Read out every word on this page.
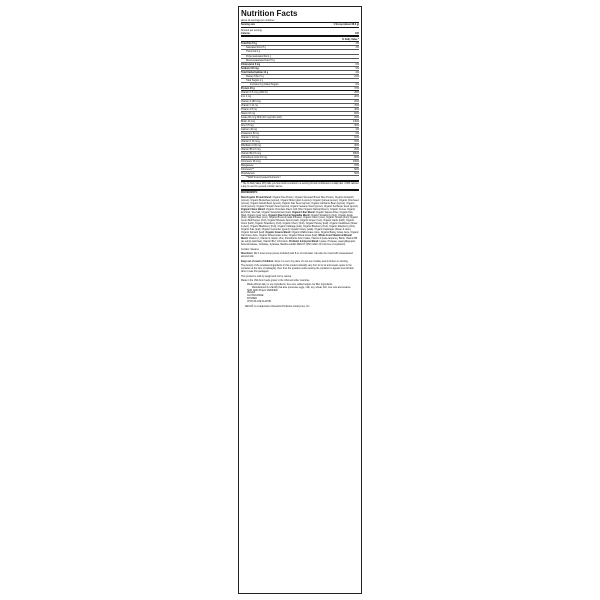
Nutrition Facts
about 14 servings per container
Serving size	1 Scoop (about 38.6 g)
Amount per serving
Calories	160
% Daily Value *
Total Fat 2.5 g	3%
Saturated Fat 0.5 g	3%
Trans Fat 0 g
Polyunsaturated Fat 1 g
Monounsaturated Fat 0.5 g
Cholesterol 0 mg	0%
Sodium 210 mg	9%
Total Carbohydrate 12 g	4%
Dietary Fiber 6 g	21%
Total Sugars 2 g
Includes 0 g Added Sugars	0%
Protein 20 g	37%
Vitamin D 5 mcg (200 IU)	25%
Iron 4 mg	20%
Vitamin A 180 mcg	20%
Vitamin C 11 mg	70%
Thiamin 0.5 mg	40%
Niacin 10 mg	60%
Folate 60 mcg DFE (40 mcg folic acid)	20%
Biotin 42 mcg	140%
Zinc 3.5 mg	30%
Calcium 40 mg	4%
Potassium 50 mg	0%
Vitamin C 10 mg	10%
Vitamin K 16 mcg	15%
Riboflavin 0.36 mg	30%
Vitamin B6 0.3 mg	20%
Vitamin B12 8 mcg	380%
Pantothenic Acid 4.5 mg	90%
Chromium 35 mcg	100%
Manganese	15%
Chromium**	60%
Molybdenum	50%
**RAW Food-Created Nutrients™
* The % Daily Value (DV) tells you how much a nutrient in a serving of food contributes to a daily diet. 2,000 calories a day is used for general nutrition advice.
INGREDIENTS:
Raw Organic Protein Blend: Organic Pea Protein, Organic Sprouted Brown Rice Protein, Organic Amaranth (sprout), Organic Buckwheat (sprout), Organic Millet (grain & sprout), Organic Quinoa (sprout), Organic Chia Seed (sprout), Organic Adzuki Bean (sprout), Organic Flax Seed (sprout), Organic Garbanzo Bean (sprout), Organic Lentil (sprout), Organic Pumpkin Seed (sprout), Organic Sesame Seed (sprout), Organic Sunflower Seed (sprout). Organic Flavor Blend: Organic Chocolate Flavor with Other Organic Natural Flavors, Organic Cocoa, Organic Erythritol, Sea Salt, Organic Stevia Extract (leaf). Organic Fiber Blend: Organic Tapioca Fiber, Organic Flax Meal, Organic Guar Gum. Organic Raw Fruit & Vegetable Blend: Organic Strawberry (fruit), Organic Apple (fruit), Organic Beet (root), Organic Broccoli (stalk & flower), Organic Carrot (root), Organic Tomato (fruit), Organic Green Bell Pepper (fruit), Organic Brussels Sprout (leaf), Organic Ginger (root), Organic Garlic (bulb), Organic Onion (bulb), Organic Strawberry (fruit), Organic Cherry (fruit), Organic Parsley (leaf), Organic Cauliflower (flower & stem), Organic Blackberry (fruit), Organic Cabbage (leaf), Organic Blueberry (fruit), Organic Raspberry (fruit), Organic Kale (leaf), Organic Cucumber (gourd), Organic Celery (stalk), Organic Asparagus (flower & stem), Organic Spinach (leaf). Organic Greens Blend: Organic Alfalfa Grass Juice, Organic Barley Grass Juice, Organic Oat Grass Juice, Organic Wheat Grass Juice, Organic Wheat Grass (leaf). Whole Food Vitamin & Mineral Blend: Vitamin C, Vitamin E, Niacin, Zinc, Pantothenic Acid, Folate, Vitamin A (beta-carotene), Biotin, Vitamin B6 (as retinyl palmitate), Vitamin B12, Chromium. Probiotic & Enzyme Blend: Lipase, Protease, aspergillopepsin, beta-Glucanase, Cellulase, Xylanase, Bacillus subtilis DE111® (250 million CFU at time of expiration).
Contain: Sesame
Directions: Mix 1 level scoop (scoop included) with 8 oz of cold water. Can also be mixed with unsweetened almond milk.
Keep out of reach of children. Store in a cool, dry place. Do not use if safety seal is broken or missing.
The density of the powdered ingredients in this product naturally vary from lot to lot and require space in the container at the time of packaging. Over time the powders settle causing the container to appear less full than when it was first packaged.
This product is sold by weight and not by volume.
Made in the USA from foods grown in the USA and other countries.
• Made without dairy or soy ingredients, free nuts, added sugars nor filler ingredients.
◦ Manufactured in a facility that also processes eggs, milk, soy, wheat, fish, tree nuts and sesame.
• NON GMO Project VERIFIED
• VEGAN
• GLUTEN-FREE
• KOSHER
• CHOCOLATE FLAVOR
DE111® is a trademark of Deerland Probiotics & Enzymes, Inc.
